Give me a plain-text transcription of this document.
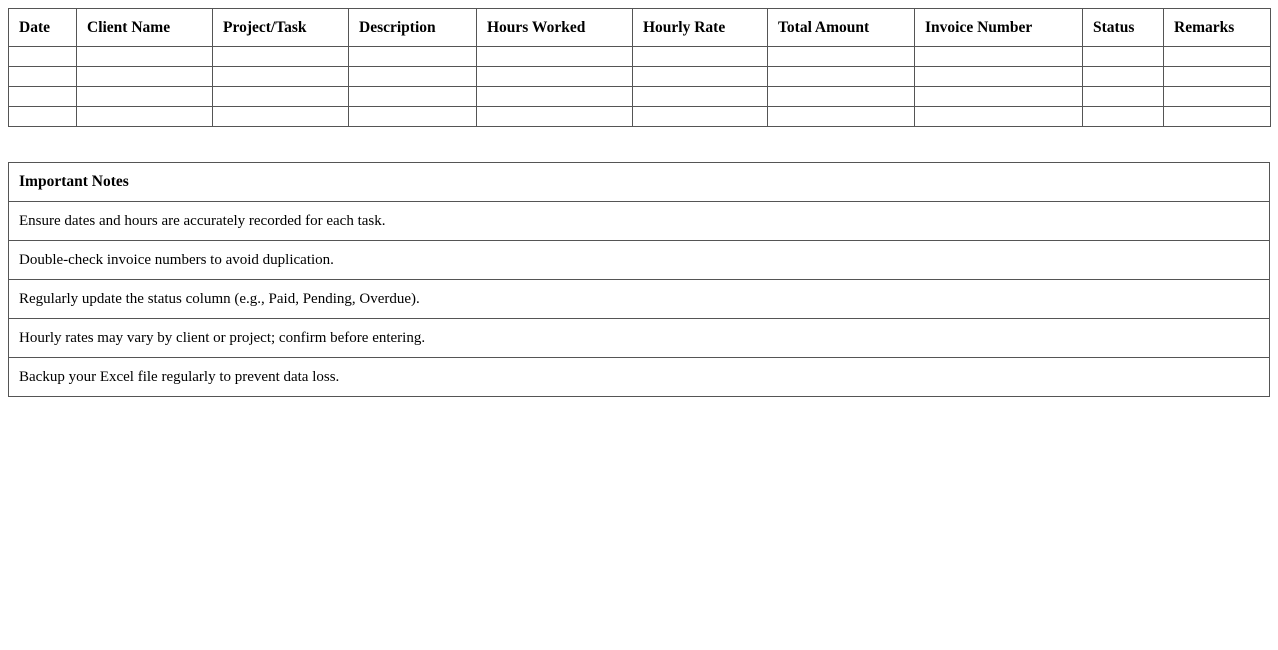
Date	Client Name	Project/Task	Description	Hours Worked	Hourly Rate	Total Amount	Invoice Number	Status	Remarks

Important Notes
Ensure dates and hours are accurately recorded for each task.
Double-check invoice numbers to avoid duplication.
Regularly update the status column (e.g., Paid, Pending, Overdue).
Hourly rates may vary by client or project; confirm before entering.
Backup your Excel file regularly to prevent data loss.
